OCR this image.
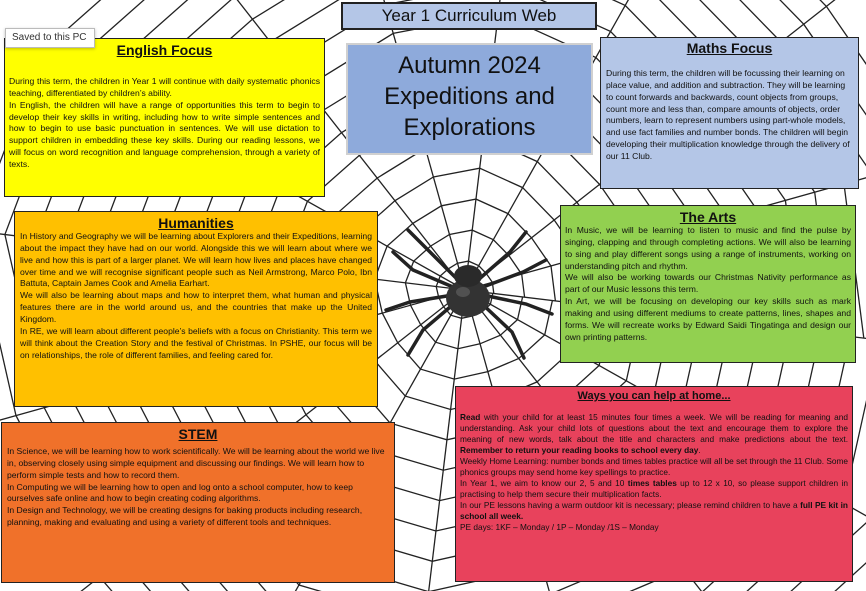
Year 1 Curriculum Web
Saved to this PC
Autumn 2024
Expeditions and
Explorations
English Focus

During this term, the children in Year 1 will continue with daily systematic phonics teaching, differentiated by children’s ability.

In English, the children will have a range of opportunities this term to begin to develop their key skills in writing, including how to write simple sentences and how to begin to use basic punctuation in sentences. We will use dictation to support children in embedding these key skills. During our reading lessons, we will focus on word recognition and language comprehension, through a variety of texts.

Maths Focus

During this term, the children will be focussing their learning on place value, and addition and subtraction. They will be learning to count forwards and backwards, count objects from groups, count more and less than, compare amounts of objects, order numbers, learn to represent numbers using part-whole models, and use fact families and number bonds. The children will begin developing their multiplication knowledge through the delivery of our 11 Club.

The Arts

In Music, we will be learning to listen to music and find the pulse by singing, clapping and through completing actions. We will also be learning to sing and play different songs using a range of instruments, working on understanding pitch and rhythm.

We will also be working towards our Christmas Nativity performance as part of our Music lessons this term.

In Art, we will be focusing on developing our key skills such as mark making and using different mediums to create patterns, lines, shapes and forms. We will recreate works by Edward Saidi Tingatinga and design our own printing patterns.

Humanities

In History and Geography we will be learning about Explorers and their Expeditions, learning about the impact they have had on our world. Alongside this we will learn about where we live and how this is part of a larger planet. We will learn how lives and places have changed over time and we will recognise significant people such as Neil Armstrong, Marco Polo, Ibn Battuta, Captain James Cook and Amelia Earhart.

We will also be learning about maps and how to interpret them, what human and physical features there are in the world around us, and the countries that make up the United Kingdom.

In RE, we will learn about different people’s beliefs with a focus on Christianity. This term we will think about the Creation Story and the festival of Christmas. In PSHE, our focus will be on relationships, the role of different families, and feeling cared for.

STEM

In Science, we will be learning how to work scientifically. We will be learning about the world we live in, observing closely using simple equipment and discussing our findings. We will learn how to perform simple tests and how to record them.

In Computing we will be learning how to open and log onto a school computer, how to keep ourselves safe online and how to begin creating coding algorithms.

In Design and Technology, we will be creating designs for baking products including research, planning, making and evaluating and using a variety of different tools and techniques.

Ways you can help at home...

Read with your child for at least 15 minutes four times a week. We will be reading for meaning and understanding. Ask your child lots of questions about the text and encourage them to explore the meaning of new words, talk about the title and characters and make predictions about the text. Remember to return your reading books to school every day.

Weekly Home Learning: number bonds and times tables practice will all be set through the 11 Club. Some phonics groups may send home key spellings to practice.

In Year 1, we aim to know our 2, 5 and 10 times tables up to 12 x 10, so please support children in practising to help them secure their multiplication facts.

In our PE lessons having a warm outdoor kit is necessary; please remind children to have a full PE kit in school all week.

PE days: 1KF – Monday / 1P – Monday /1S – Monday
